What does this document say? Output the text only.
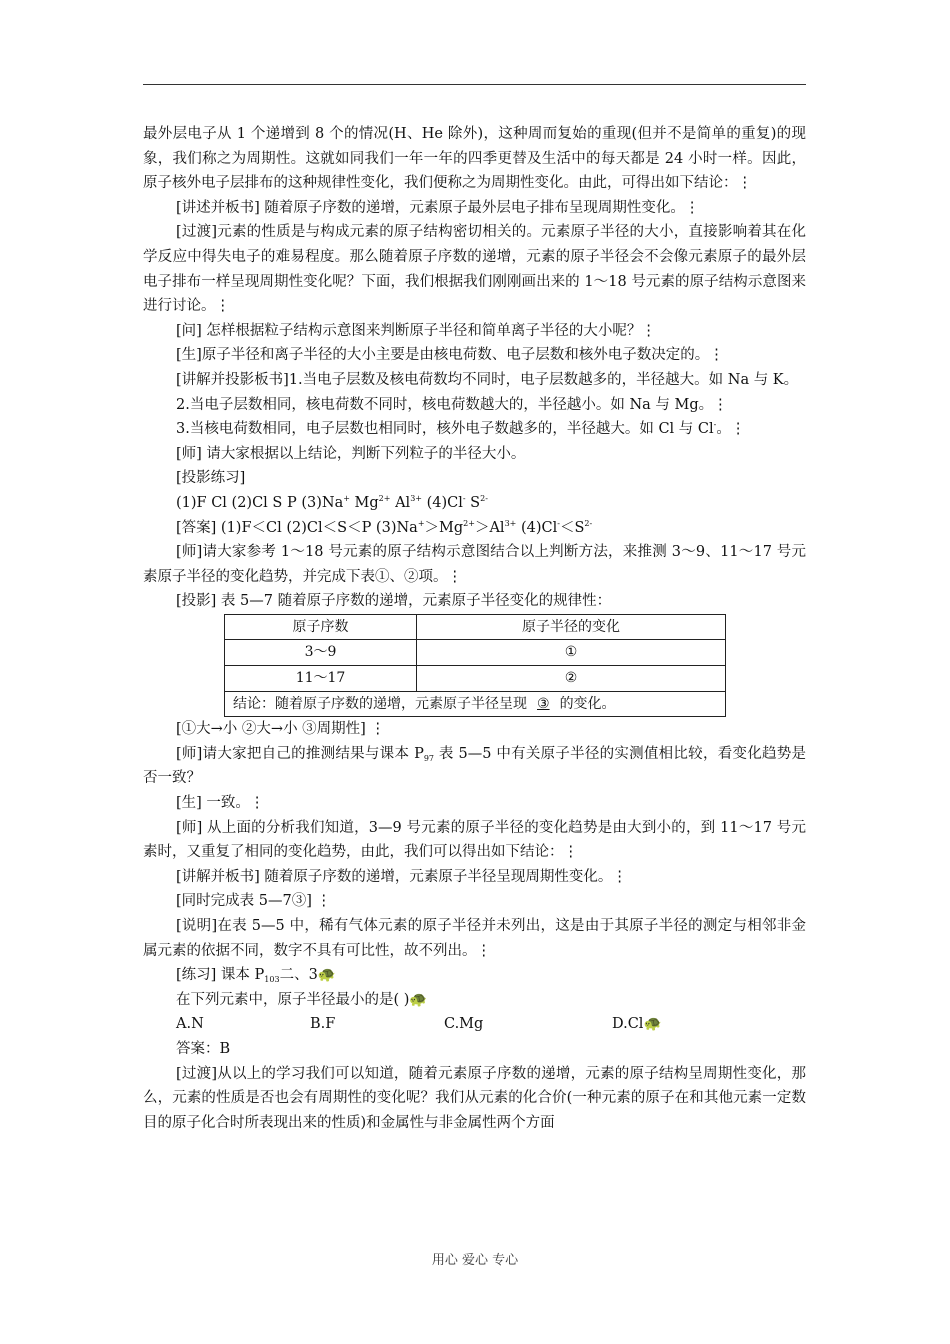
最外层电子从 1 个递增到 8 个的情况(H、He 除外)，这种周而复始的重现(但并不是简单的重复)的现象，我们称之为周期性。这就如同我们一年一年的四季更替及生活中的每天都是 24 小时一样。因此，原子核外电子层排布的这种规律性变化，我们便称之为周期性变化。由此，可得出如下结论：⋮

[讲述并板书] 随着原子序数的递增，元素原子最外层电子排布呈现周期性变化。⋮

[过渡]元素的性质是与构成元素的原子结构密切相关的。元素原子半径的大小，直接影响着其在化学反应中得失电子的难易程度。那么随着原子序数的递增，元素的原子半径会不会像元素原子的最外层电子排布一样呈现周期性变化呢？下面，我们根据我们刚刚画出来的 1～18 号元素的原子结构示意图来进行讨论。⋮

[问] 怎样根据粒子结构示意图来判断原子半径和简单离子半径的大小呢？⋮

[生]原子半径和离子半径的大小主要是由核电荷数、电子层数和核外电子数决定的。⋮

[讲解并投影板书]1.当电子层数及核电荷数均不同时，电子层数越多的，半径越大。如 Na 与 K。

2.当电子层数相同，核电荷数不同时，核电荷数越大的，半径越小。如 Na 与 Mg。⋮

3.当核电荷数相同，电子层数也相同时，核外电子数越多的，半径越大。如 Cl 与 Cl-。⋮

[师] 请大家根据以上结论，判断下列粒子的半径大小。

[投影练习]

(1)F Cl (2)Cl S P (3)Na+ $Mg^{2+}$ $Al^{3+}$ (4)Cl- $S^{2-}$

[答案] (1)F＜Cl (2)Cl＜S＜P $(3)Na^+>Mg^{2+}>Al^{3+}$ $(4)Cl^-<S^{2-}$

[师]请大家参考 1～18 号元素的原子结构示意图结合以上判断方法，来推测 3～9、11～17 号元素原子半径的变化趋势，并完成下表①、②项。⋮

[投影] 表 5—7 随着原子序数的递增，元素原子半径变化的规律性：

原子序数	原子半径的变化
3～9	①
11～17	②
结论：随着原子序数的递增，元素原子半径呈现 ③ 的变化。	

[①大→小 ②大→小 ③周期性] ⋮

[师]请大家把自己的推测结果与课本 $P_{97}$ 表 5—5 中有关原子半径的实测值相比较，看变化趋势是否一致？

[生] 一致。⋮

[师] 从上面的分析我们知道，3—9 号元素的原子半径的变化趋势是由大到小的，到 11～17 号元素时，又重复了相同的变化趋势，由此，我们可以得出如下结论：⋮

[讲解并板书] 随着原子序数的递增，元素原子半径呈现周期性变化。⋮

[同时完成表 5—7③] ⋮

[说明]在表 5—5 中，稀有气体元素的原子半径并未列出，这是由于其原子半径的测定与相邻非金属元素的依据不同，数字不具有可比性，故不列出。⋮

[练习] 课本 $P_{103}$二、3🐢

在下列元素中，原子半径最小的是( )🐢

A.N	B.F	C.Mg	D.Cl🐢

答案：B

[过渡]从以上的学习我们可以知道，随着元素原子序数的递增，元素的原子结构呈周期性变化，那么，元素的性质是否也会有周期性的变化呢？我们从元素的化合价(一种元素的原子在和其他元素一定数目的原子化合时所表现出来的性质)和金属性与非金属性两个方面

用心 爱心 专心
